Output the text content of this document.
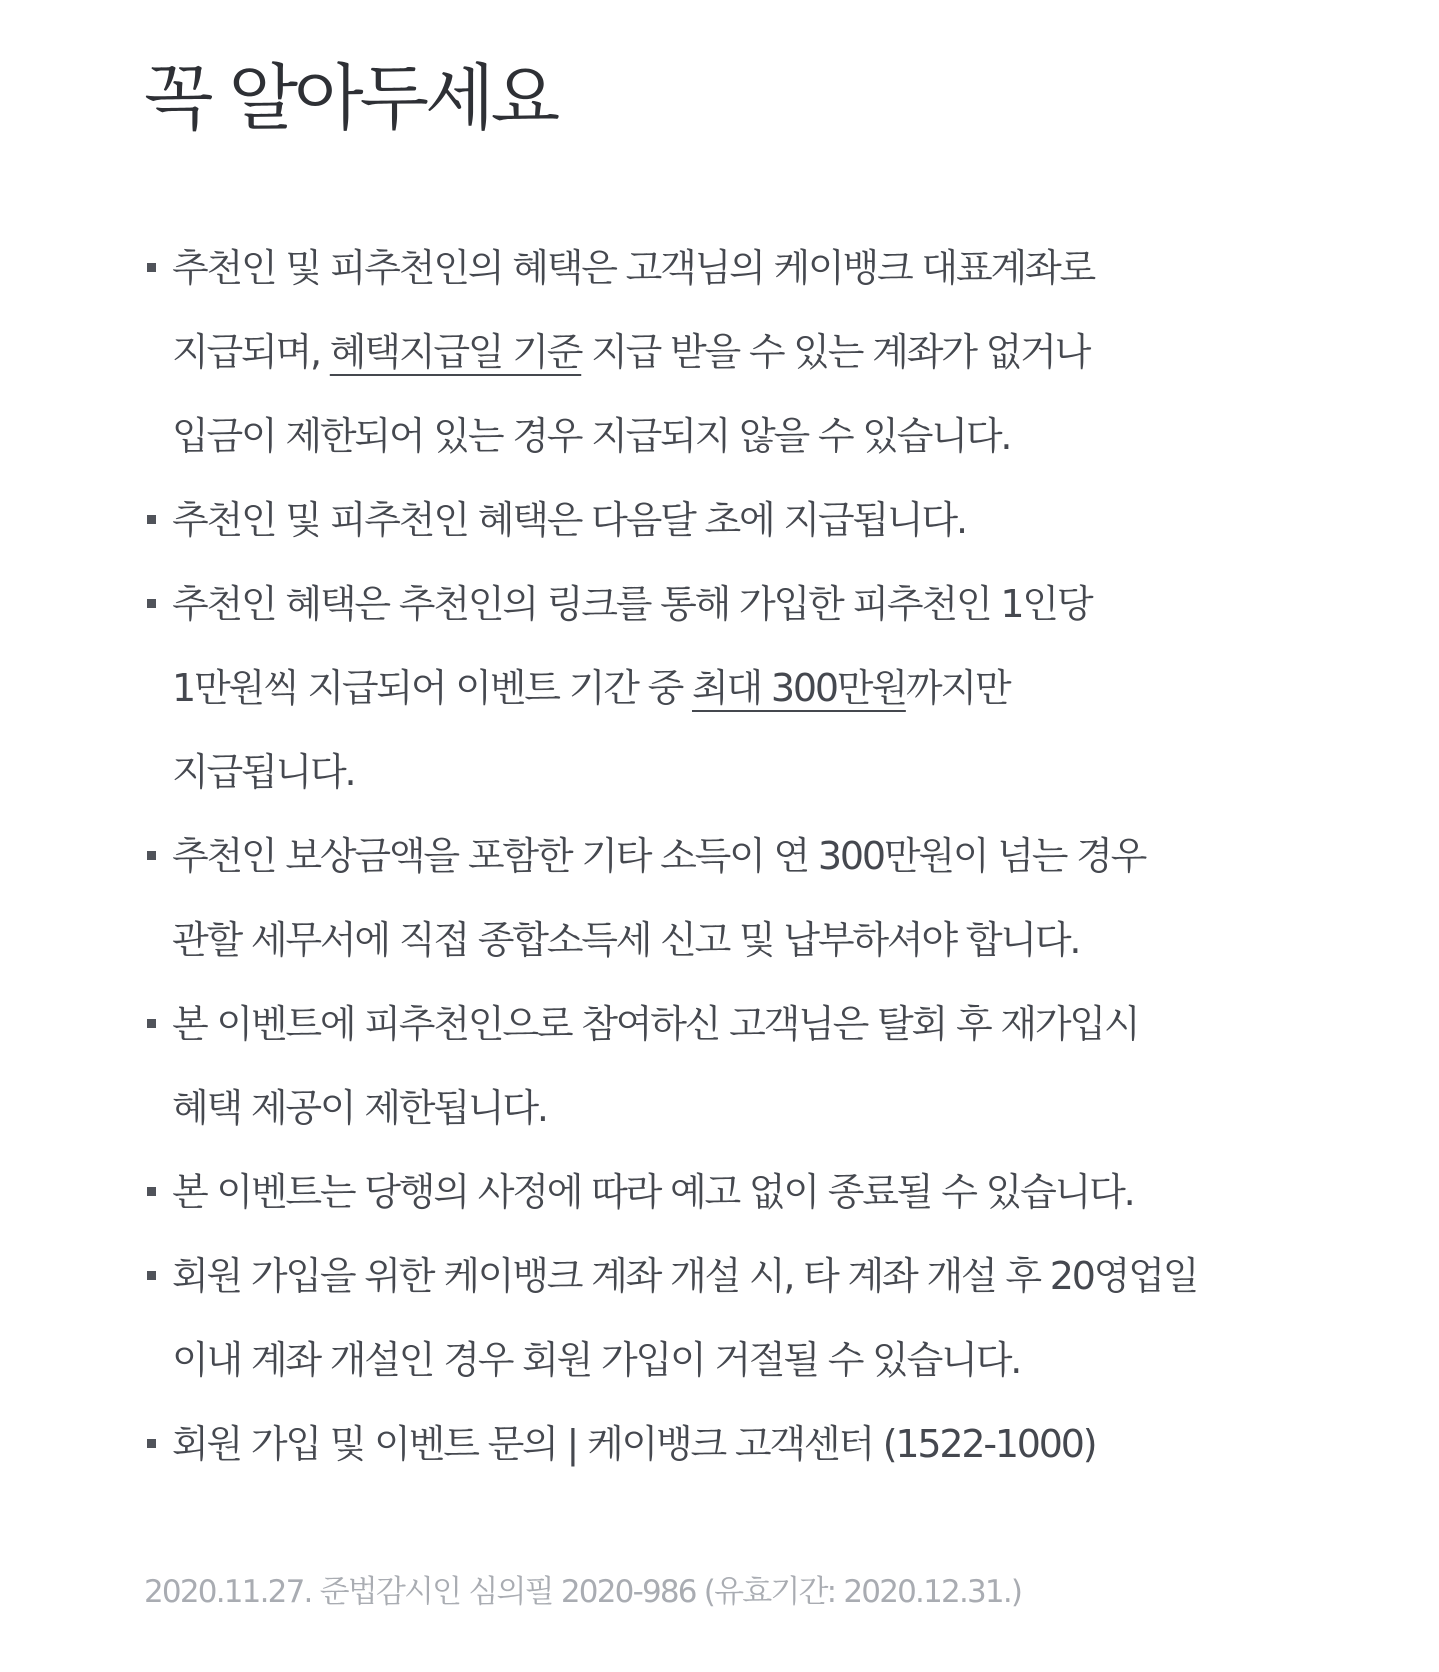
꼭 알아두세요
추천인 및 피추천인의 혜택은 고객님의 케이뱅크 대표계좌로
지급되며, 혜택지급일 기준 지급 받을 수 있는 계좌가 없거나
입금이 제한되어 있는 경우 지급되지 않을 수 있습니다.
추천인 및 피추천인 혜택은 다음달 초에 지급됩니다.
추천인 혜택은 추천인의 링크를 통해 가입한 피추천인 1인당
1만원씩 지급되어 이벤트 기간 중 최대 300만원까지만
지급됩니다.
추천인 보상금액을 포함한 기타 소득이 연 300만원이 넘는 경우
관할 세무서에 직접 종합소득세 신고 및 납부하셔야 합니다.
본 이벤트에 피추천인으로 참여하신 고객님은 탈회 후 재가입시
혜택 제공이 제한됩니다.
본 이벤트는 당행의 사정에 따라 예고 없이 종료될 수 있습니다.
회원 가입을 위한 케이뱅크 계좌 개설 시, 타 계좌 개설 후 20영업일
이내 계좌 개설인 경우 회원 가입이 거절될 수 있습니다.
회원 가입 및 이벤트 문의 | 케이뱅크 고객센터 (1522-1000)

2020.11.27. 준법감시인 심의필 2020-986 (유효기간: 2020.12.31.)
